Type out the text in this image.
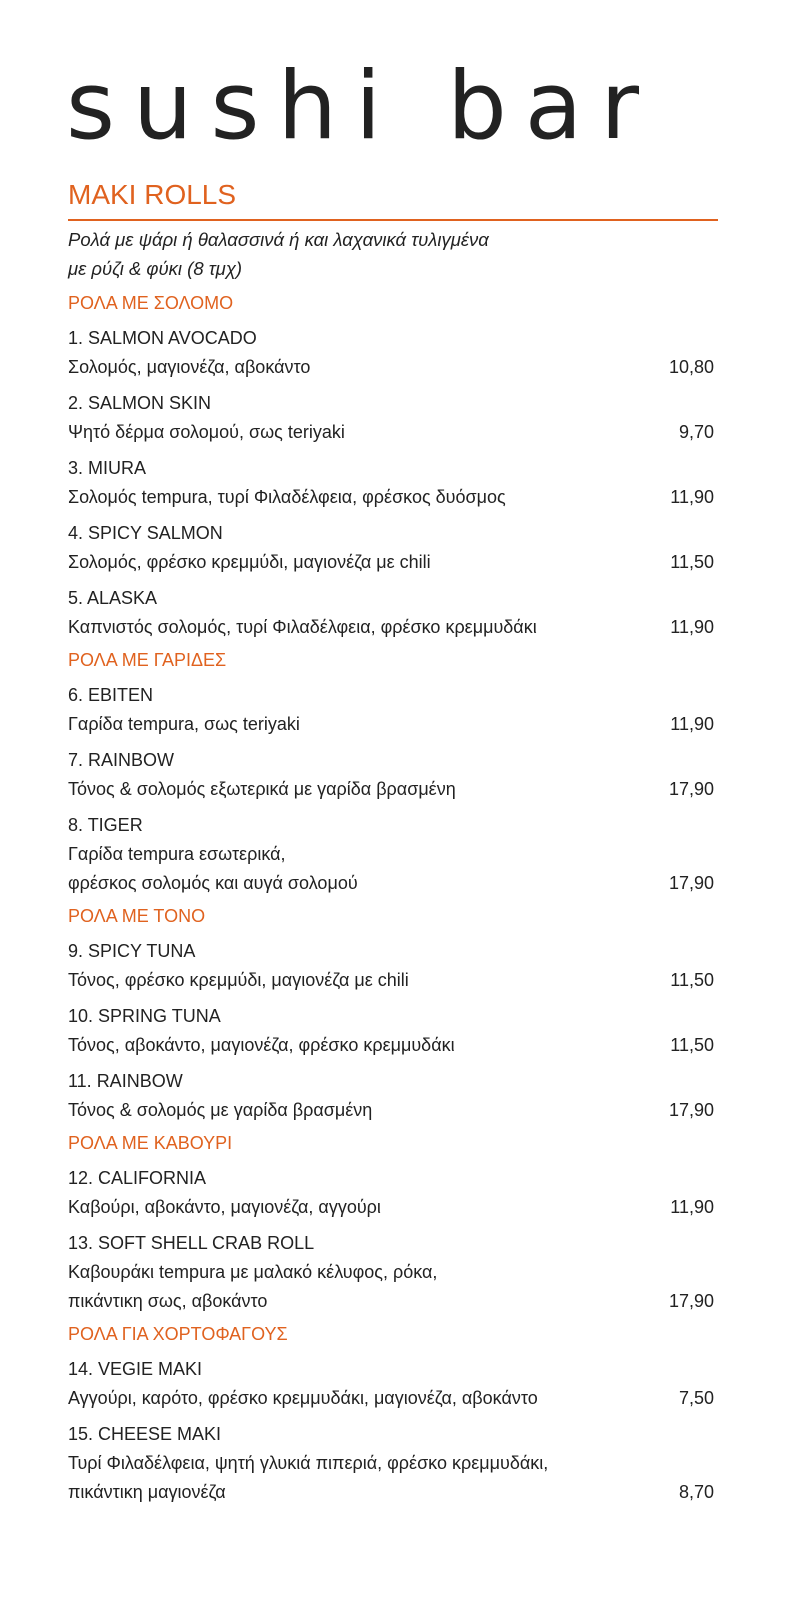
sushi bar
MAKI ROLLS

Ρολά με ψάρι ή θαλασσινά ή και λαχανικά τυλιγμένα
με ρύζι & φύκι (8 τμχ)

ΡΟΛΑ ΜΕ ΣΟΛΟΜΟ
1. SALMON AVOCADO
Σολομός, μαγιονέζα, αβοκάντο	10,80
2. SALMON SKIN
Ψητό δέρμα σολομού, σως teriyaki	9,70
3. MIURA
Σολομός tempura, τυρί Φιλαδέλφεια, φρέσκος δυόσμος	11,90
4. SPICY SALMON
Σολομός, φρέσκο κρεμμύδι, μαγιονέζα με chili	11,50
5. ALASKA
Καπνιστός σολομός, τυρί Φιλαδέλφεια, φρέσκο κρεμμυδάκι	11,90
ΡΟΛΑ ΜΕ ΓΑΡΙΔΕΣ
6. EBITEN
Γαρίδα tempura, σως teriyaki	11,90
7. RAINBOW
Τόνος & σολομός εξωτερικά με γαρίδα βρασμένη	17,90
8. TIGER
Γαρίδα tempura εσωτερικά,
φρέσκος σολομός και αυγά σολομού	17,90
ΡΟΛΑ ΜΕ ΤΟΝΟ
9. SPICY TUNA
Τόνος, φρέσκο κρεμμύδι, μαγιονέζα με chili	11,50
10. SPRING TUNA
Τόνος, αβοκάντο, μαγιονέζα, φρέσκο κρεμμυδάκι	11,50
11. RAINBOW
Τόνος & σολομός με γαρίδα βρασμένη	17,90
ΡΟΛΑ ΜΕ ΚΑΒΟΥΡΙ
12. CALIFORNIA
Καβούρι, αβοκάντο, μαγιονέζα, αγγούρι	11,90
13. SOFT SHELL CRAB ROLL
Καβουράκι tempura με μαλακό κέλυφος, ρόκα,
πικάντικη σως, αβοκάντο	17,90
ΡΟΛΑ ΓΙΑ ΧΟΡΤΟΦΑΓΟΥΣ
14. VEGIE MAKI
Αγγούρι, καρότο, φρέσκο κρεμμυδάκι, μαγιονέζα, αβοκάντο	7,50
15. CHEESE MAKI
Τυρί Φιλαδέλφεια, ψητή γλυκιά πιπεριά, φρέσκο κρεμμυδάκι,
πικάντικη μαγιονέζα	8,70
